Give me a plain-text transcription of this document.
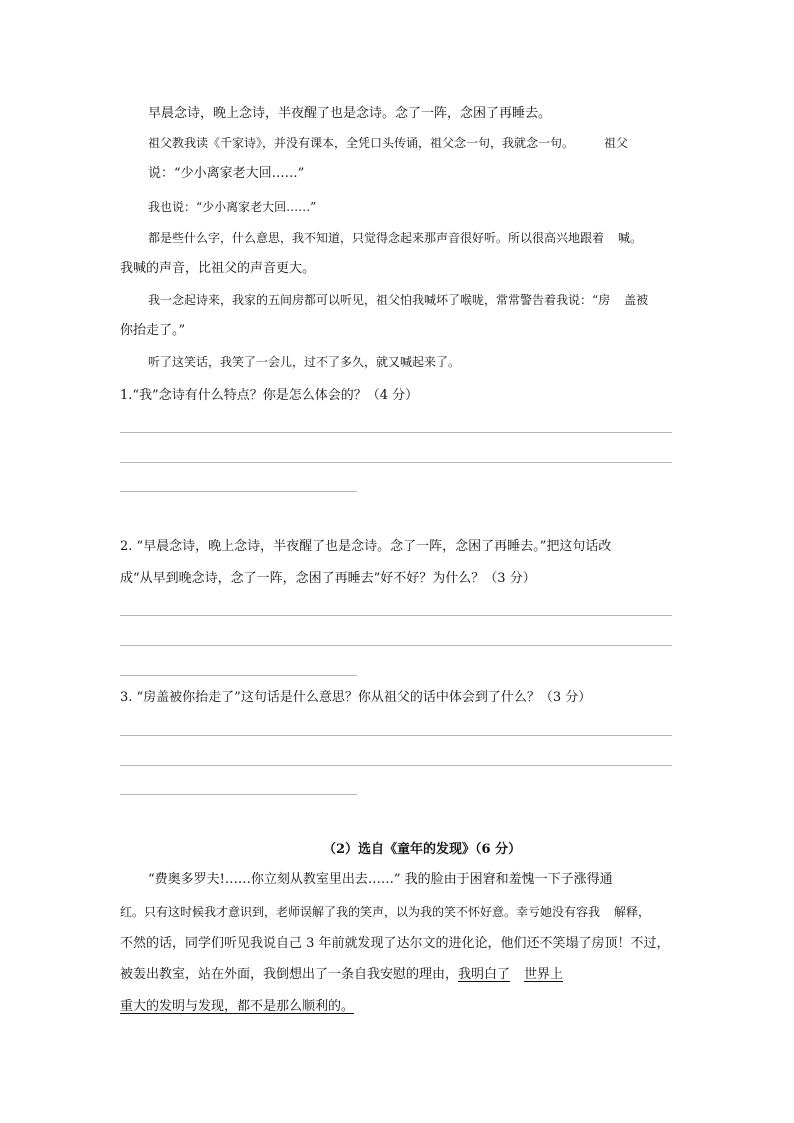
早晨念诗，晚上念诗，半夜醒了也是念诗。念了一阵，念困了再睡去。
祖父教我读《千家诗》，并没有课本，全凭口头传诵，祖父念一句，我就念一句。	祖父
说：“少小离家老大回……”
我也说：“少小离家老大回……”
都是些什么字，什么意思，我不知道，只觉得念起来那声音很好听。所以很高兴地跟着 喊。
我喊的声音，比祖父的声音更大。
我一念起诗来，我家的五间房都可以听见，祖父怕我喊坏了喉咙，常常警告着我说：“房 盖被
你抬走了。”
听了这笑话，我笑了一会儿，过不了多久，就又喊起来了。
1.“我”念诗有什么特点？你是怎么体会的？（4 分）
2. “早晨念诗，晚上念诗，半夜醒了也是念诗。念了一阵，念困了再睡去。”把这句话改
成“从早到晚念诗，念了一阵，念困了再睡去”好不好？为什么？（3 分）
3. “房盖被你抬走了”这句话是什么意思？你从祖父的话中体会到了什么？（3 分）
（2）选自《童年的发现》（6 分）
“费奥多罗夫!……你立刻从教室里出去……” 我的脸由于困窘和羞愧一下子涨得通
红。只有这时候我才意识到，老师误解了我的笑声，以为我的笑不怀好意。幸亏她没有容我 解释，
不然的话，同学们听见我说自己 3 年前就发现了达尔文的进化论，他们还不笑塌了房顶！不过，
被轰出教室，站在外面，我倒想出了一条自我安慰的理由，我明白了 世界上
重大的发明与发现，都不是那么顺利的。
